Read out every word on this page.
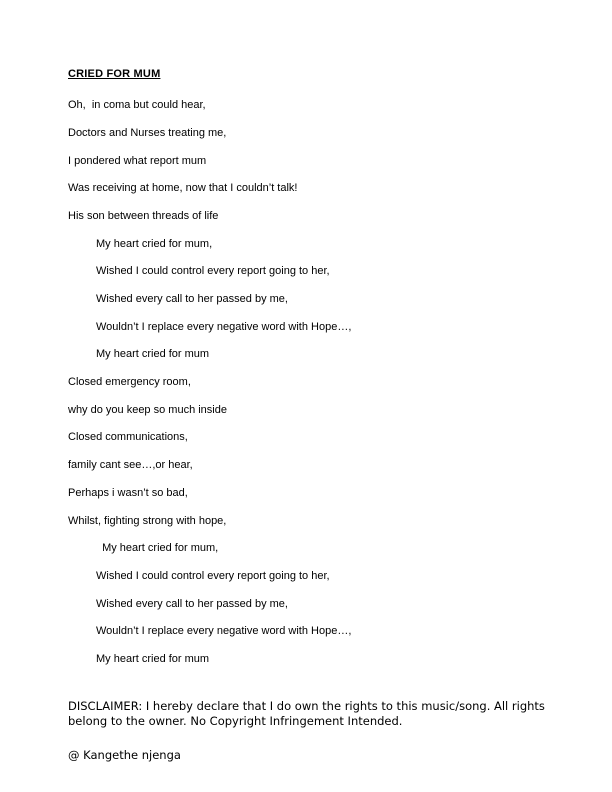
CRIED FOR MUM
Oh,  in coma but could hear,
Doctors and Nurses treating me,
I pondered what report mum
Was receiving at home, now that I couldn’t talk!
His son between threads of life
My heart cried for mum,
Wished I could control every report going to her,
Wished every call to her passed by me,
Wouldn’t I replace every negative word with Hope…,
My heart cried for mum
Closed emergency room,
why do you keep so much inside
Closed communications,
family cant see…,or hear,
Perhaps i wasn’t so bad,
Whilst, fighting strong with hope,
My heart cried for mum,
Wished I could control every report going to her,
Wished every call to her passed by me,
Wouldn’t I replace every negative word with Hope…,
My heart cried for mum
DISCLAIMER: I hereby declare that I do own the rights to this music/song. All rights belong to the owner. No Copyright Infringement Intended.
@ Kangethe njenga
